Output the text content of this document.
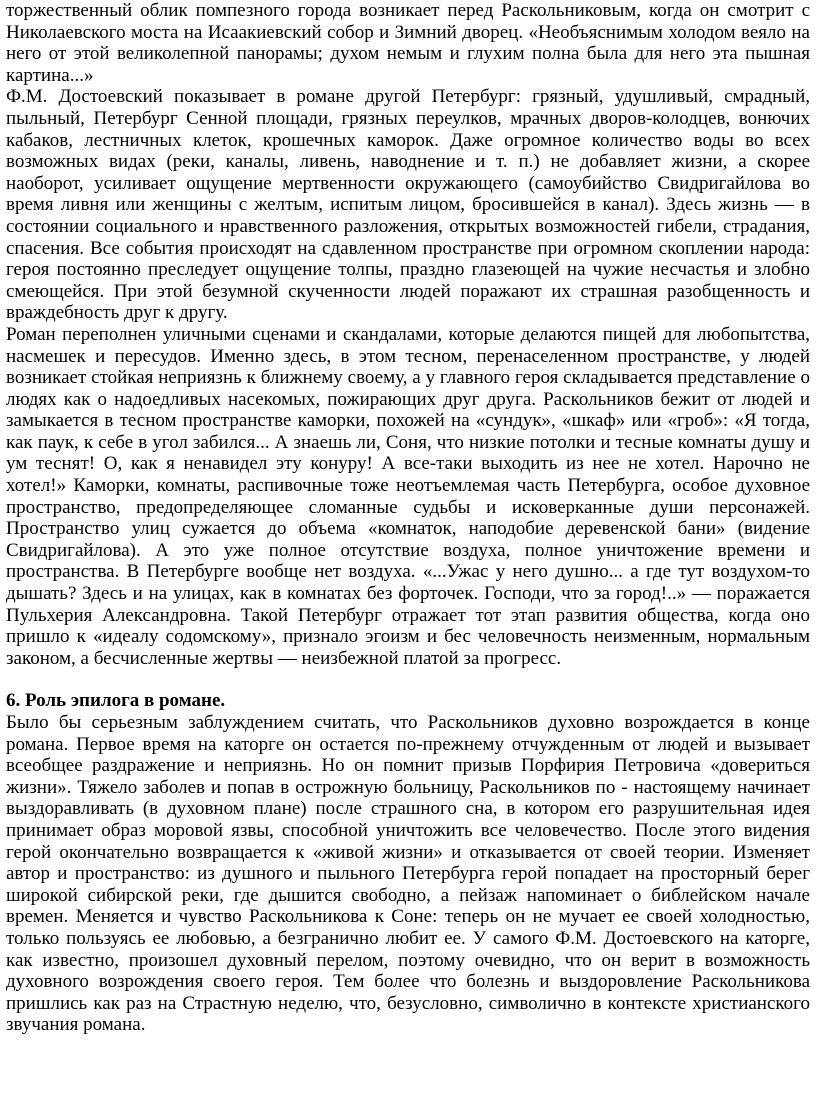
торжественный облик помпезного города возникает перед Раскольниковым, когда он смотрит с Николаевского моста на Исаакиевский собор и Зимний дворец. «Необъяснимым холодом веяло на него от этой великолепной панорамы; духом немым и глухим полна была для него эта пышная картина...»

Ф.М. Достоевский показывает в романе другой Петербург: грязный, удушливый, смрадный, пыльный, Петербург Сенной площади, грязных переулков, мрачных дворов-колодцев, вонючих кабаков, лестничных клеток, крошечных каморок. Даже огромное количество воды во всех возможных видах (реки, каналы, ливень, наводнение и т. п.) не добавляет жизни, а скорее наоборот, усиливает ощущение мертвенности окружающего (самоубийство Свидригайлова во время ливня или женщины с желтым, испитым лицом, бросившейся в канал). Здесь жизнь — в состоянии социального и нравственного разложения, открытых возможностей гибели, страдания, спасения. Все события происходят на сдавленном пространстве при огромном скоплении народа: героя постоянно преследует ощущение толпы, праздно глазеющей на чужие несчастья и злобно смеющейся. При этой безумной скученности людей поражают их страшная разобщенность и враждебность друг к другу.

Роман переполнен уличными сценами и скандалами, которые делаются пищей для любопытства, насмешек и пересудов. Именно здесь, в этом тесном, перенаселенном пространстве, у людей возникает стойкая неприязнь к ближнему своему, а у главного героя складывается представление о людях как о надоедливых насекомых, пожирающих друг друга. Раскольников бежит от людей и замыкается в тесном пространстве каморки, похожей на «сундук», «шкаф» или «гроб»: «Я тогда, как паук, к себе в угол забился... А знаешь ли, Соня, что низкие потолки и тесные комнаты душу и ум теснят! О, как я ненавидел эту конуру! А все-таки выходить из нее не хотел. Нарочно не хотел!» Каморки, комнаты, распивочные тоже неотъемлемая часть Петербурга, особое духовное пространство, предопределяющее сломанные судьбы и исковерканные души персонажей. Пространство улиц сужается до объема «комнаток, наподобие деревенской бани» (видение Свидригайлова). А это уже полное отсутствие воздуха, полное уничтожение времени и пространства. В Петербурге вообще нет воздуха. «...Ужас у него душно... а где тут воздухом-то дышать? Здесь и на улицах, как в комнатах без форточек. Господи, что за город!..» — поражается Пульхерия Александровна. Такой Петербург отражает тот этап развития общества, когда оно пришло к «идеалу содомскому», признало эгоизм и бес человечность неизменным, нормальным законом, а бесчисленные жертвы — неизбежной платой за прогресс.

6. Роль эпилога в романе.

Было бы серьезным заблуждением считать, что Раскольников духовно возрождается в конце романа. Первое время на каторге он остается по-прежнему отчужденным от людей и вызывает всеобщее раздражение и неприязнь. Но он помнит призыв Порфирия Петровича «довериться жизни». Тяжело заболев и попав в острожную больницу, Раскольников по - настоящему начинает выздоравливать (в духовном плане) после страшного сна, в котором его разрушительная идея принимает образ моровой язвы, способной уничтожить все человечество. После этого видения герой окончательно возвращается к «живой жизни» и отказывается от своей теории. Изменяет автор и пространство: из душного и пыльного Петербурга герой попадает на просторный берег широкой сибирской реки, где дышится свободно, а пейзаж напоминает о библейском начале времен. Меняется и чувство Раскольникова к Соне: теперь он не мучает ее своей холодностью, только пользуясь ее любовью, а безгранично любит ее. У самого Ф.М. Достоевского на каторге, как известно, произошел духовный перелом, поэтому очевидно, что он верит в возможность духовного возрождения своего героя. Тем более что болезнь и выздоровление Раскольникова пришлись как раз на Страстную неделю, что, безусловно, символично в контексте христианского звучания романа.
